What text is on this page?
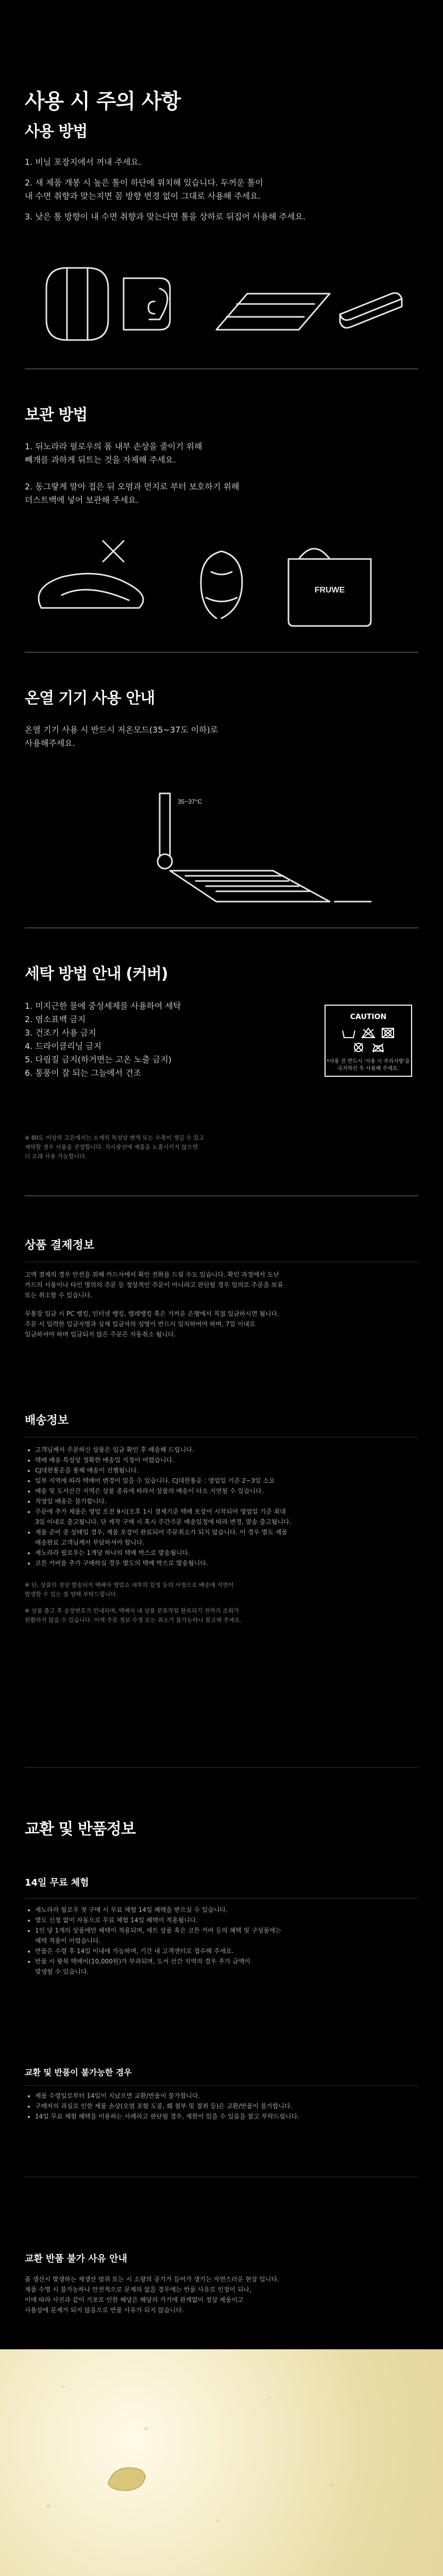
사용 시 주의 사항
사용 방법
1. 비닐 포장지에서 꺼내 주세요.
2. 새 제품 개봉 시 높은 톨이 하단에 위치해 있습니다. 두꺼운 톨이
내 수면 취향과 맞는지면 꼼 방향 변경 없이 그대로 사용해 주세요.
3. 낮은 톨 방향이 내 수면 취향과 맞는다면 톨을 상하로 뒤집어 사용해 주세요.
보관 방법
1. 뒤노라라 필로우의 폼 내부 손상을 줄이기 위해
빼개를 과하게 뒤트는 것을 자제해 주세요.

2. 동그랗게 말아 접은 뒤 오염과 먼지로 부터 보호하기 위해
더스트백에 넣어 보관해 주세요.
FRUWE
온열 기기 사용 안내
온열 기기 사용 시 반드시 저온모드(35~37도 이하)로
사용해주세요.
35~37°C
세탁 방법 안내 (커버)
1. 미지근한 물에 중성세제를 사용하여 세탁
2. 염소표백 금지
3. 건조기 사용 금지
4. 드라이클리닝 금지
5. 다림질 금지(하거면는 고온 노출 금지)
6. 통풍이 잘 되는 그늘에서 건조
CAUTION
*사용 전 반드시 '사용 시 주의사항'을
숙지하신 후 사용해 주세요.
※ 80도 이상의 고온에서는 소재의 특성상 변색 또는 수축이 생길 수 있고
세탁할 경우 사용을 권장합니다. 직사광선에 제품을 노출시키지 않으면
더 오래 사용 가능합니다.
상품 결제정보
고액 결제의 경우 안전을 위해 카드사에서 확인 전화를 드릴 수도 있습니다. 확인 과정에서 도난
카드의 사용이나 타인 명의의 주문 등 정상적인 주문이 아니라고 판단될 경우 임의로 주문을 보류
또는 취소할 수 있습니다.
무통장 입금 시 PC 뱅킹, 인터넷 뱅킹, 텔레뱅킹 혹은 가까운 은행에서 직접 입금하시면 됩니다.
주문 시 입력한 입금자명과 실제 입금자의 성명이 반드시 일치하여야 하며, 7일 이내로
입금하셔야 하며 입금되지 않은 주문은 자동취소 됩니다.
배송정보
• 고객님께서 주문하신 상품은 입금 확인 후 배송해 드립니다.
• 택배 배송 특성상 정확한 배송일 지정이 어렵습니다.
• CJ대한통운을 통해 배송이 진행됩니다.
• 일부 지역에 따라 택배비 변경이 있을 수 있습니다. CJ대한통운 : 영업일 기준 2~3일 소요
• 배송 및 도서산간 지역은 상품 종류에 따라서 상품의 배송이 다소 지연될 수 있습니다.
• 직영일 배송은 불가합니다.
• 주문에 추가 제품은 영업 오전 9시(오후 1시 결제기준 택배 포장이 시작되어 영업일 기준 최대
3일 이내로 출고됩니다. 단 제작 구매 시 혹시 주간주문 배송일정에 따라 변경, 발송 출고됩니다.
• 제품 준비 중 상태일 경우, 제품 포장이 완료되어 주문취소가 되지 않습니다. 이 경우 별도 제품
배송완료 고객님께서 부담하셔야 합니다.
• 제노라라 필로우는 1개당 하나의 택배 박스로 발송됩니다.
• 코튼 커버를 추가 구매하실 경우 별도의 택배 박스로 발송됩니다.
※ 단, 상품의 정상 발송되지 택배사 영업소 내부의 일정 등의 사정으로 배송에 지연이
발생할 수 있는 점 양해 부탁드립니다.
※ 상품 출고 후 송장번호가 안내되며, 택배사 내 상품 분류작업 완료되기 전까지 조회가
원활하지 않을 수 있습니다. 이에 주문 정보 수정 또는 취소가 불가능하니 참고해 주세요.
교환 및 반품정보
14일 무료 체험
• 제노라라 필로우 첫 구매 시 무료 체험 14일 혜택을 받으실 수 있습니다.
• 별도 신청 없이 자동으로 무료 체험 14일 혜택이 적용됩니다.
• 1인 당 1개의 상품에만 혜택이 적용되며, 세트 상품 혹은 코튼 커버 등의 혜택 및 구성품에는
혜택 적용이 어렵습니다.
• 반품은 수령 후 14일 이내에 가능하며, 기간 내 고객센터로 접수해 주세요.
• 반품 시 왕복 택배비(10,000원)가 부과되며, 도서 산간 지역의 경우 추가 금액이
발생될 수 있습니다.
교환 및 반품이 불가능한 경우
• 제품 수령일로부터 14일이 지났으면 교환/반품이 불가합니다.
• 구매자의 과실로 인한 제품 손상(오염 포함 도봉, 훼 첨부 및 절취 등)은 교환/반품이 불가합니다.
• 14일 무료 체험 혜택을 이용하는 사례라고 판단될 경우, 제한이 있을 수 있음을 참고 부탁드립니다.
교환 반품 불가 사유 안내
폼 생산시 발생하는 재생산 범위 또는 시 소량의 공기가 들어가 생기는 자연스러운 현상 입니다.
제품 수명 시 불가능하나 안전적으로 문제의 없을 경우에는 반품 사유로 인정이 되나,
이에 따라 사진과 같이 기포로 인한 해당은 해당의 가기에 관계없이 정상 제품이고
사용상에 문제가 되지 않음으로 반품 사유가 되지 않습니다.
